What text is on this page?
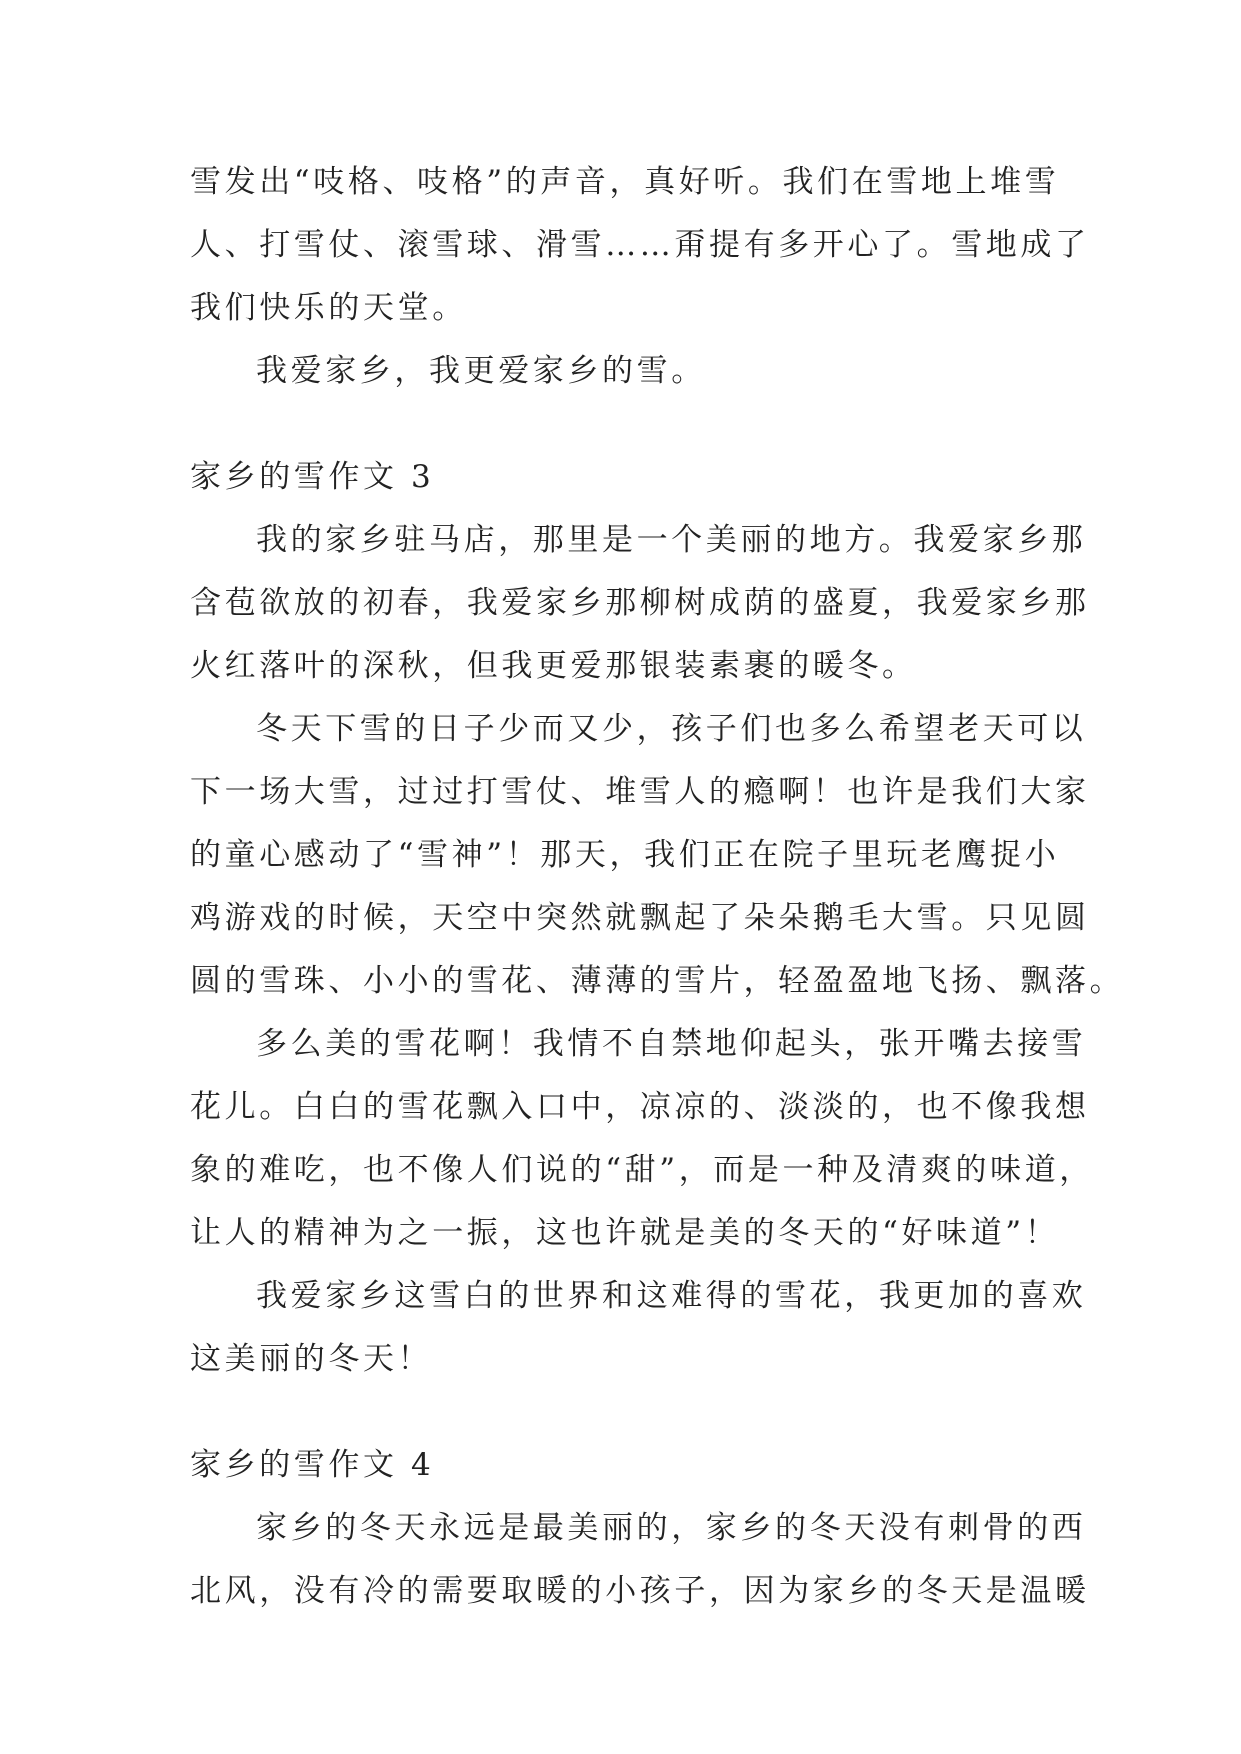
雪发出“吱格、吱格”的声音，真好听。我们在雪地上堆雪
人、打雪仗、滚雪球、滑雪……甭提有多开心了。雪地成了
我们快乐的天堂。
我爱家乡，我更爱家乡的雪。
家乡的雪作文 3
我的家乡驻马店，那里是一个美丽的地方。我爱家乡那
含苞欲放的初春，我爱家乡那柳树成荫的盛夏，我爱家乡那
火红落叶的深秋，但我更爱那银装素裹的暖冬。
冬天下雪的日子少而又少，孩子们也多么希望老天可以
下一场大雪，过过打雪仗、堆雪人的瘾啊！也许是我们大家
的童心感动了“雪神”！那天，我们正在院子里玩老鹰捉小
鸡游戏的时候，天空中突然就飘起了朵朵鹅毛大雪。只见圆
圆的雪珠、小小的雪花、薄薄的雪片，轻盈盈地飞扬、飘落。
多么美的雪花啊！我情不自禁地仰起头，张开嘴去接雪
花儿。白白的雪花飘入口中，凉凉的、淡淡的，也不像我想
象的难吃，也不像人们说的“甜”，而是一种及清爽的味道，
让人的精神为之一振，这也许就是美的冬天的“好味道”！
我爱家乡这雪白的世界和这难得的雪花，我更加的喜欢
这美丽的冬天！
家乡的雪作文 4
家乡的冬天永远是最美丽的，家乡的冬天没有刺骨的西
北风，没有冷的需要取暖的小孩子，因为家乡的冬天是温暖
